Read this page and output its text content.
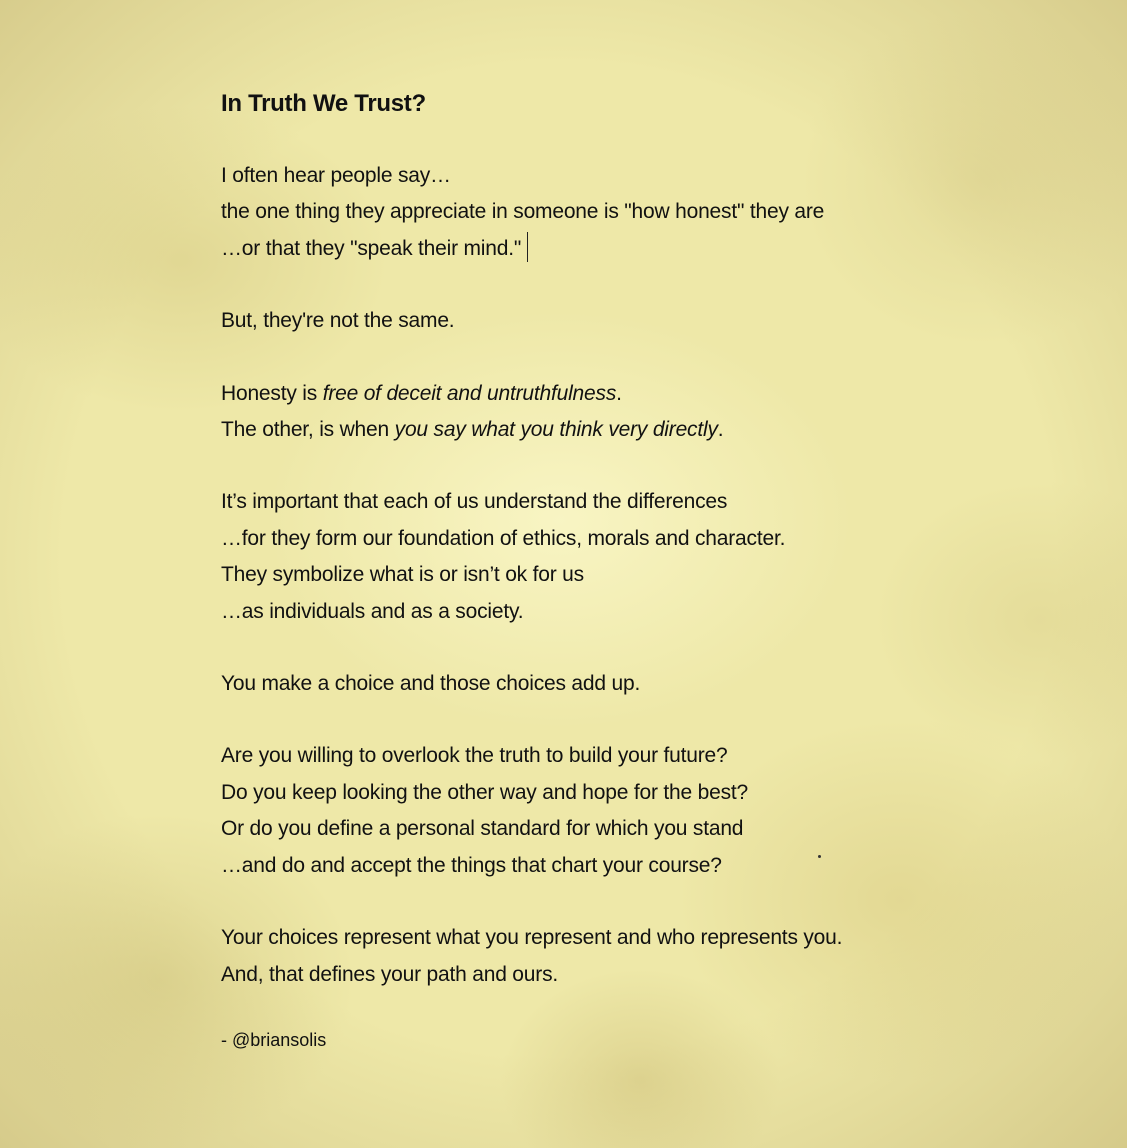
In Truth We Trust?
I often hear people say…
the one thing they appreciate in someone is "how honest" they are
…or that they "speak their mind."
But, they're not the same.
Honesty is free of deceit and untruthfulness.
The other, is when you say what you think very directly.
It’s important that each of us understand the differences
…for they form our foundation of ethics, morals and character.
They symbolize what is or isn’t ok for us
…as individuals and as a society.
You make a choice and those choices add up.
Are you willing to overlook the truth to build your future?
Do you keep looking the other way and hope for the best?
Or do you define a personal standard for which you stand
…and do and accept the things that chart your course?
Your choices represent what you represent and who represents you.
And, that defines your path and ours.
- @briansolis
